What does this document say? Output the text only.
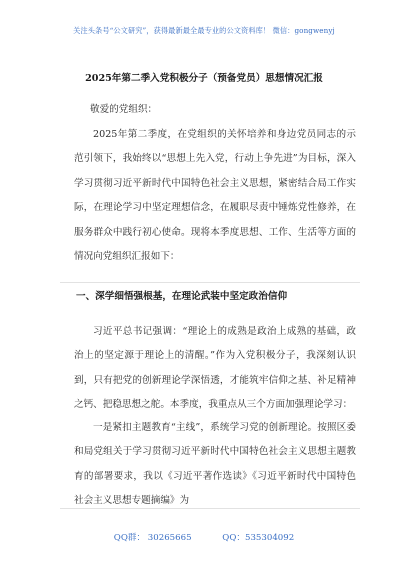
关注头条号“公文研究”，获得最新最全最专业的公文资料库！ 微信：gongwenyj
2025年第二季入党积极分子（预备党员）思想情况汇报
敬爱的党组织：
2025年第二季度，在党组织的关怀培养和身边党员同志的示范引领下，我始终以“思想上先入党，行动上争先进”为目标，深入学习贯彻习近平新时代中国特色社会主义思想，紧密结合局工作实际，在理论学习中坚定理想信念，在履职尽责中锤炼党性修养，在服务群众中践行初心使命。现将本季度思想、工作、生活等方面的情况向党组织汇报如下：
一、深学细悟强根基，在理论武装中坚定政治信仰
习近平总书记强调：“理论上的成熟是政治上成熟的基础，政治上的坚定源于理论上的清醒。”作为入党积极分子，我深刻认识到，只有把党的创新理论学深悟透，才能筑牢信仰之基、补足精神之钙、把稳思想之舵。本季度，我重点从三个方面加强理论学习：
一是紧扣主题教育“主线”，系统学习党的创新理论。按照区委和局党组关于学习贯彻习近平新时代中国特色社会主义思想主题教育的部署要求，我以《习近平著作选读》《习近平新时代中国特色社会主义思想专题摘编》为
QQ群： 30265665	QQ：535304092
